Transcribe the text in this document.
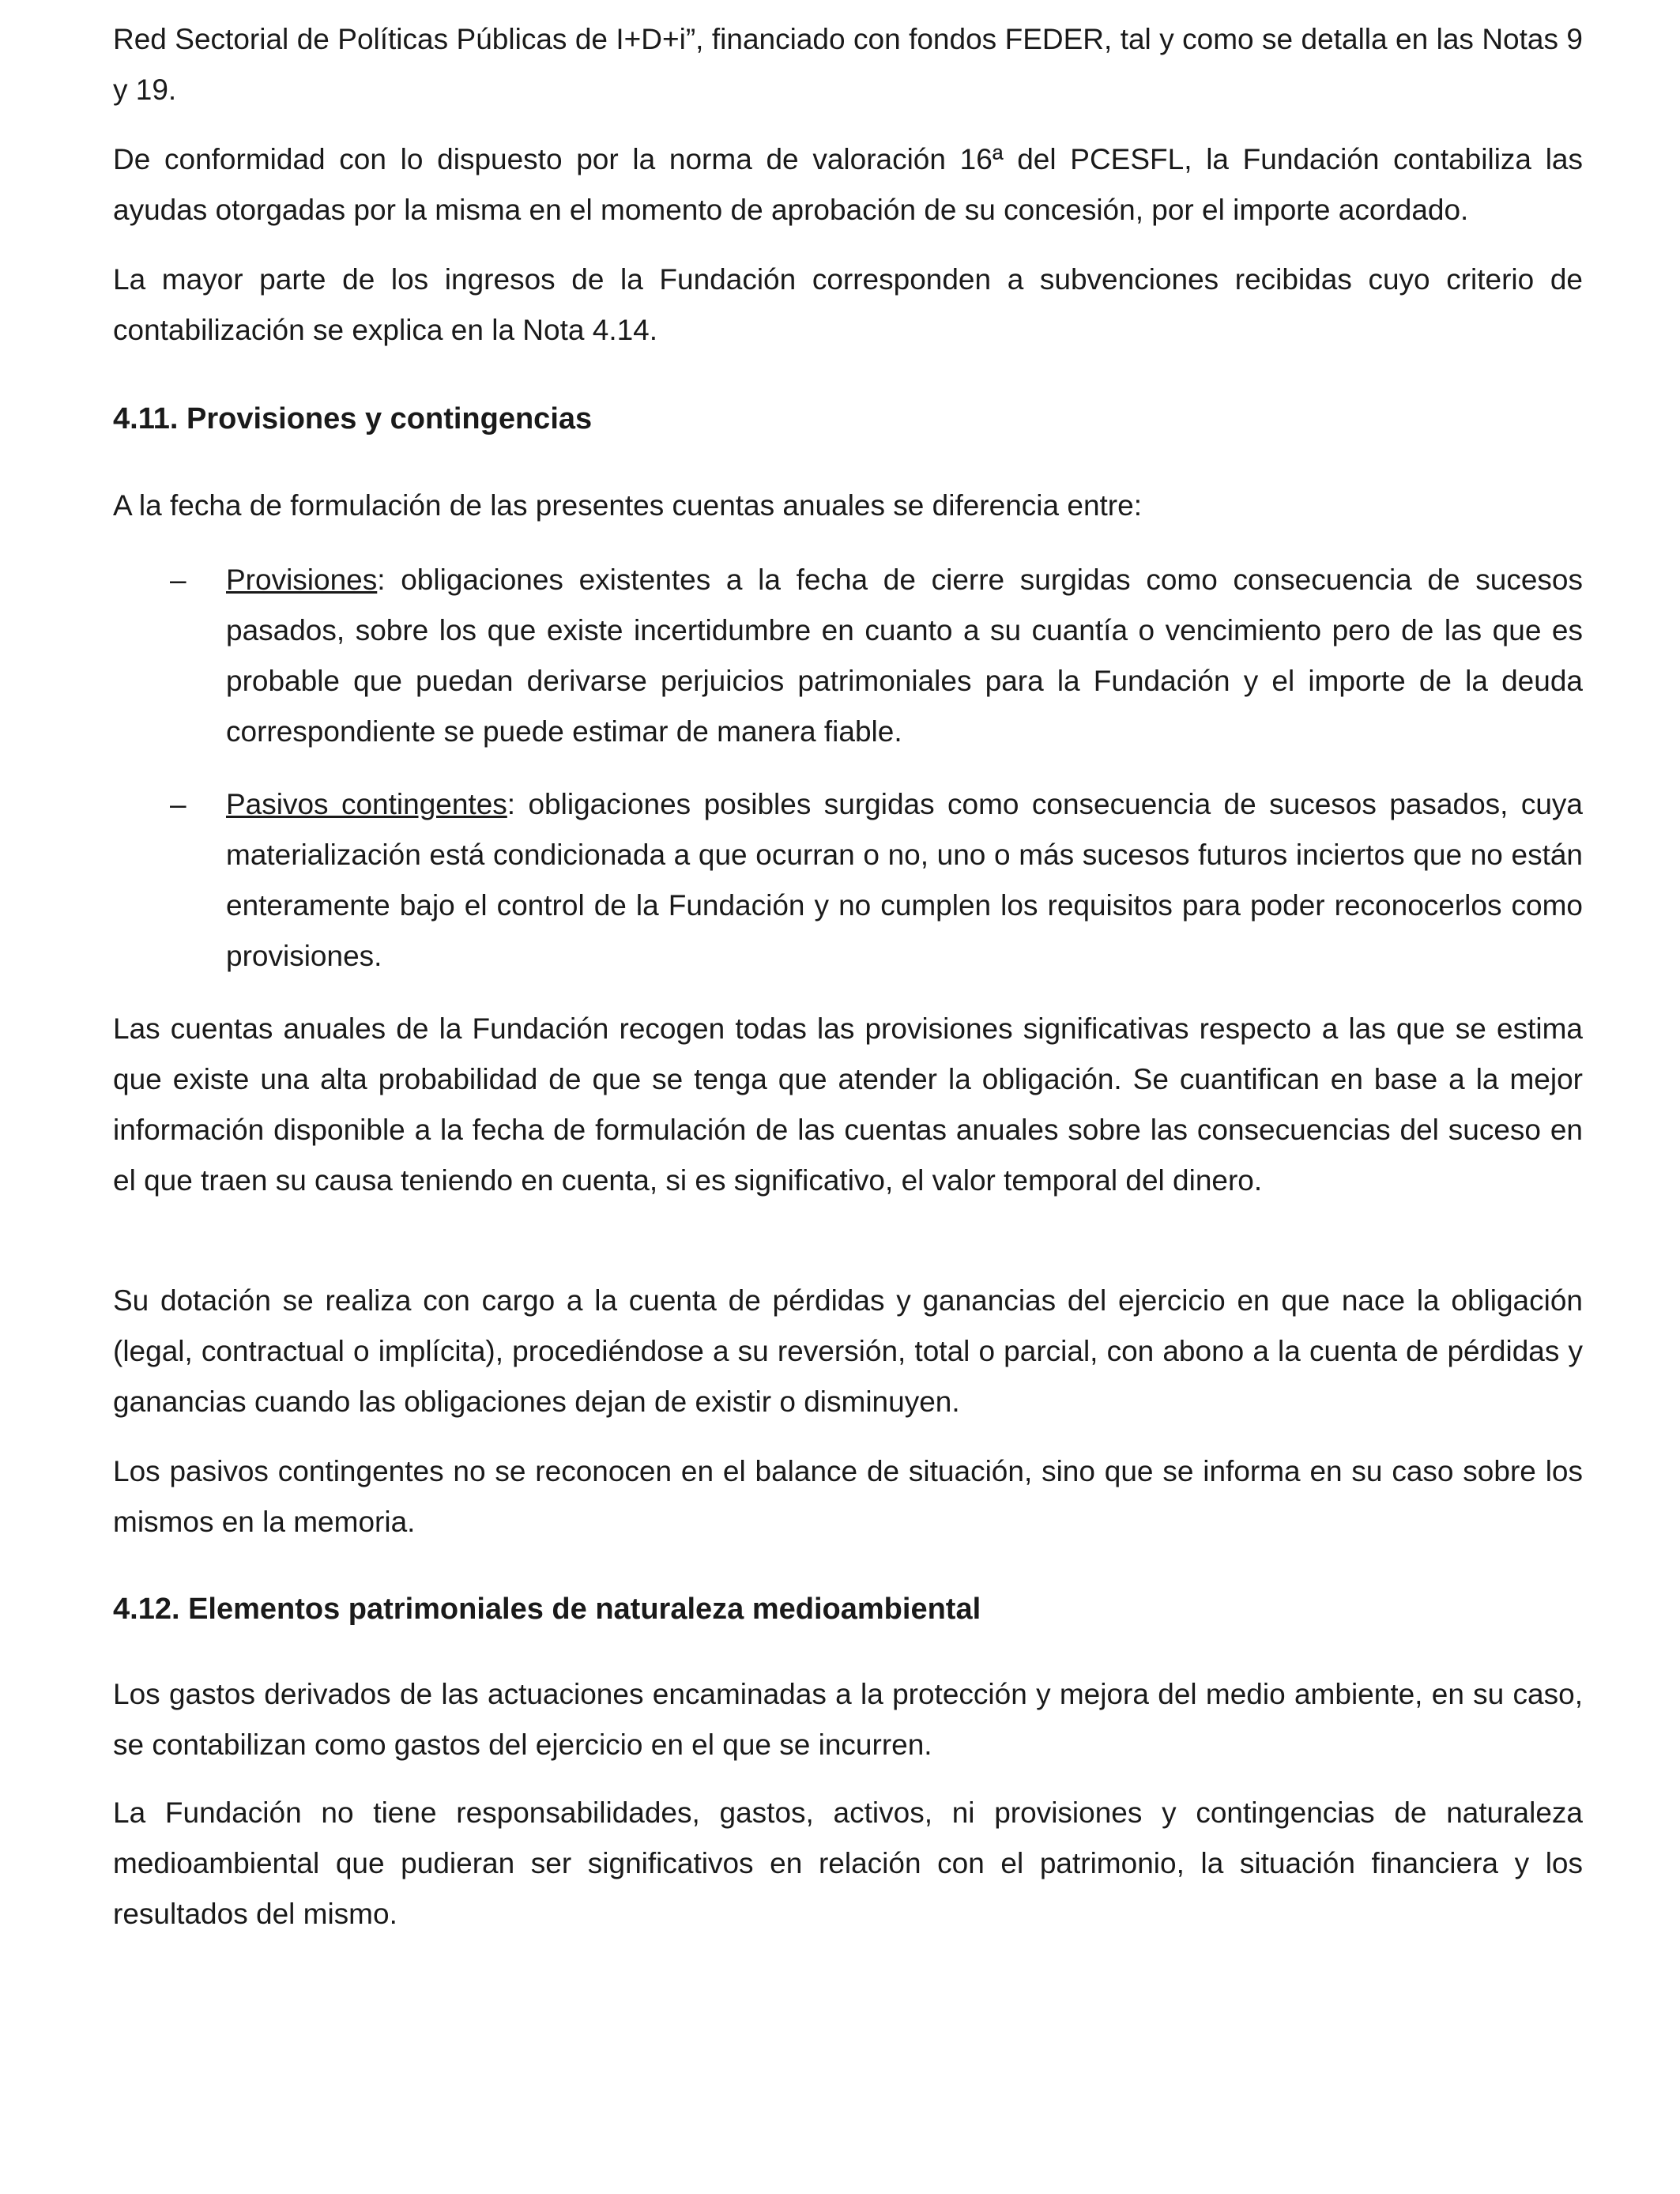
Red Sectorial de Políticas Públicas de I+D+i”, financiado con fondos FEDER, tal y como se detalla en las Notas 9 y 19.

De conformidad con lo dispuesto por la norma de valoración 16ª del PCESFL, la Fundación contabiliza las ayudas otorgadas por la misma en el momento de aprobación de su concesión, por el importe acordado.

La mayor parte de los ingresos de la Fundación corresponden a subvenciones recibidas cuyo criterio de contabilización se explica en la Nota 4.14.

4.11. Provisiones y contingencias

A la fecha de formulación de las presentes cuentas anuales se diferencia entre:

– Provisiones: obligaciones existentes a la fecha de cierre surgidas como consecuencia de sucesos pasados, sobre los que existe incertidumbre en cuanto a su cuantía o vencimiento pero de las que es probable que puedan derivarse perjuicios patrimoniales para la Fundación y el importe de la deuda correspondiente se puede estimar de manera fiable.

– Pasivos contingentes: obligaciones posibles surgidas como consecuencia de sucesos pasados, cuya materialización está condicionada a que ocurran o no, uno o más sucesos futuros inciertos que no están enteramente bajo el control de la Fundación y no cumplen los requisitos para poder reconocerlos como provisiones.

Las cuentas anuales de la Fundación recogen todas las provisiones significativas respecto a las que se estima que existe una alta probabilidad de que se tenga que atender la obligación. Se cuantifican en base a la mejor información disponible a la fecha de formulación de las cuentas anuales sobre las consecuencias del suceso en el que traen su causa teniendo en cuenta, si es significativo, el valor temporal del dinero.

Su dotación se realiza con cargo a la cuenta de pérdidas y ganancias del ejercicio en que nace la obligación (legal, contractual o implícita), procediéndose a su reversión, total o parcial, con abono a la cuenta de pérdidas y ganancias cuando las obligaciones dejan de existir o disminuyen.

Los pasivos contingentes no se reconocen en el balance de situación, sino que se informa en su caso sobre los mismos en la memoria.

4.12. Elementos patrimoniales de naturaleza medioambiental

Los gastos derivados de las actuaciones encaminadas a la protección y mejora del medio ambiente, en su caso, se contabilizan como gastos del ejercicio en el que se incurren.

La Fundación no tiene responsabilidades, gastos, activos, ni provisiones y contingencias de naturaleza medioambiental que pudieran ser significativos en relación con el patrimonio, la situación financiera y los resultados del mismo.
